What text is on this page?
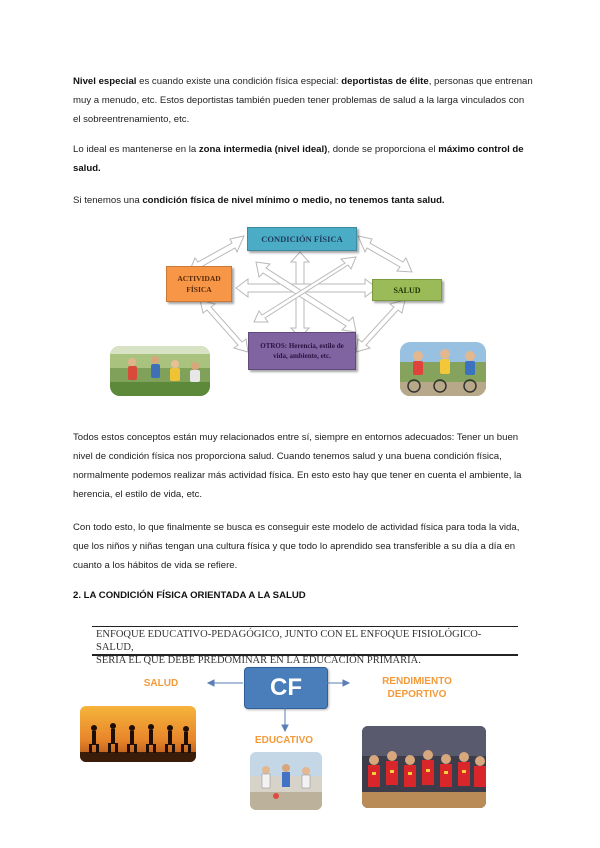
Nivel especial es cuando existe una condición física especial: deportistas de élite, personas que entrenan muy a menudo, etc. Estos deportistas también pueden tener problemas de salud a la larga vinculados con el sobreentrenamiento, etc.

Lo ideal es mantenerse en la zona intermedia (nivel ideal), donde se proporciona el máximo control de salud.

Si tenemos una condición física de nivel mínimo o medio, no tenemos tanta salud.

CONDICIÓN FÍSICA
ACTIVIDAD FÍSICA	SALUD
OTROS: Herencia, estilo de vida, ambiente, etc.

Todos estos conceptos están muy relacionados entre sí, siempre en entornos adecuados: Tener un buen nivel de condición física nos proporciona salud. Cuando tenemos salud y una buena condición física, normalmente podemos realizar más actividad física. En esto esto hay que tener en cuenta el ambiente, la herencia, el estilo de vida, etc.

Con todo esto, lo que finalmente se busca es conseguir este modelo de actividad física para toda la vida, que los niños y niñas tengan una cultura física y que todo lo aprendido sea transferible a su día a día en cuanto a los hábitos de vida se refiere.

2. LA CONDICIÓN FÍSICA ORIENTADA A LA SALUD
ENFOQUE EDUCATIVO-PEDAGÓGICO, JUNTO CON EL ENFOQUE FISIOLÓGICO-SALUD,
SERÍA EL QUE DEBE PREDOMINAR EN LA EDUCACIÓN PRIMARIA.
CF
SALUD	RENDIMIENTO DEPORTIVO
EDUCATIVO
